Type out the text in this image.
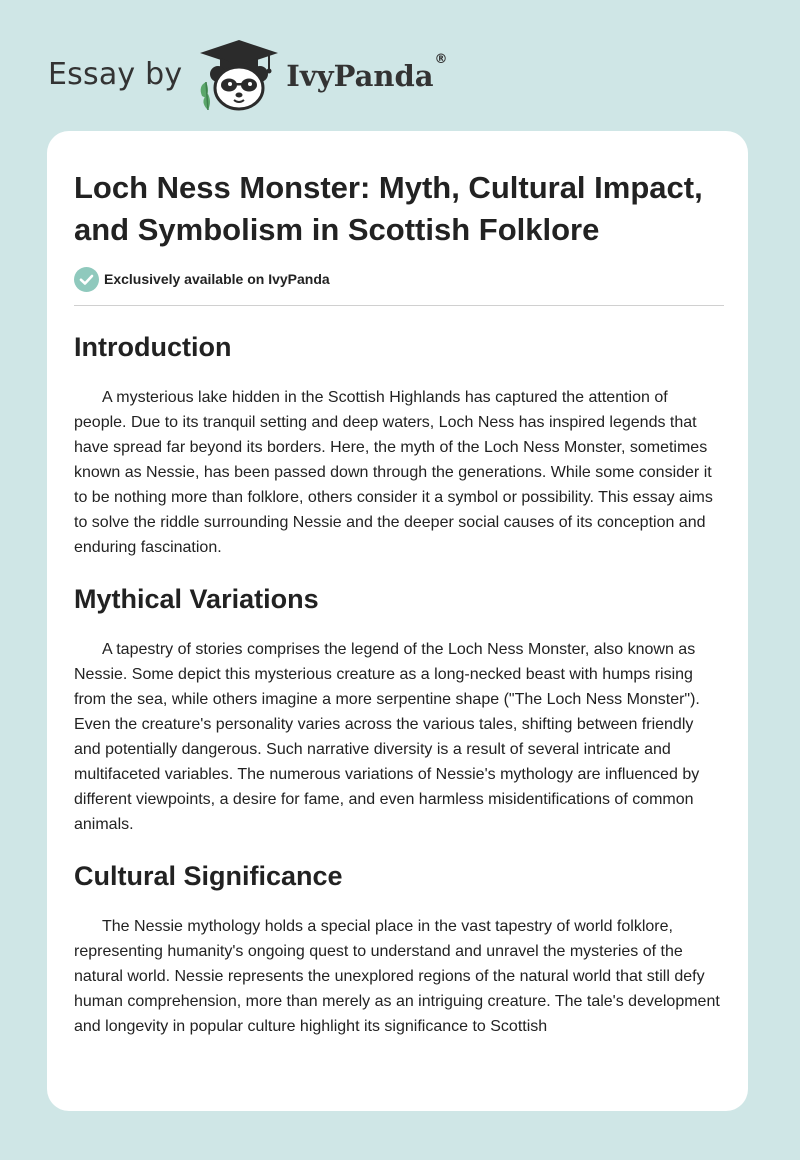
Essay by	IvyPanda®
Loch Ness Monster: Myth, Cultural Impact, and Symbolism in Scottish Folklore
Exclusively available on IvyPanda
Introduction

A mysterious lake hidden in the Scottish Highlands has captured the attention of people. Due to its tranquil setting and deep waters, Loch Ness has inspired legends that have spread far beyond its borders. Here, the myth of the Loch Ness Monster, sometimes known as Nessie, has been passed down through the generations. While some consider it to be nothing more than folklore, others consider it a symbol or possibility. This essay aims to solve the riddle surrounding Nessie and the deeper social causes of its conception and enduring fascination.

Mythical Variations

A tapestry of stories comprises the legend of the Loch Ness Monster, also known as Nessie. Some depict this mysterious creature as a long-necked beast with humps rising from the sea, while others imagine a more serpentine shape ("The Loch Ness Monster"). Even the creature's personality varies across the various tales, shifting between friendly and potentially dangerous. Such narrative diversity is a result of several intricate and multifaceted variables. The numerous variations of Nessie's mythology are influenced by different viewpoints, a desire for fame, and even harmless misidentifications of common animals.

Cultural Significance

The Nessie mythology holds a special place in the vast tapestry of world folklore, representing humanity's ongoing quest to understand and unravel the mysteries of the natural world. Nessie represents the unexplored regions of the natural world that still defy human comprehension, more than merely as an intriguing creature. The tale's development and longevity in popular culture highlight its significance to Scottish
